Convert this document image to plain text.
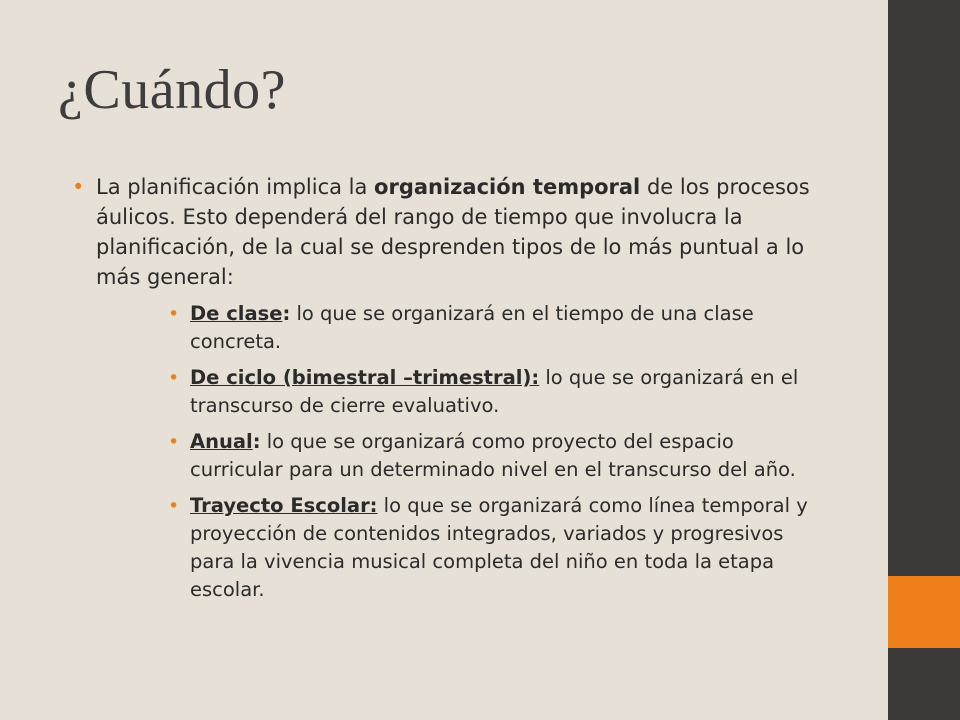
¿Cuándo?

• La planificación implica la organización temporal de los procesos áulicos. Esto dependerá del rango de tiempo que involucra la planificación, de la cual se desprenden tipos de lo más puntual a lo más general:

• De clase: lo que se organizará en el tiempo de una clase concreta.
• De ciclo (bimestral –trimestral): lo que se organizará en el transcurso de cierre evaluativo.
• Anual: lo que se organizará como proyecto del espacio curricular para un determinado nivel en el transcurso del año.
• Trayecto Escolar: lo que se organizará como línea temporal y proyección de contenidos integrados, variados y progresivos para la vivencia musical completa del niño en toda la etapa escolar.
